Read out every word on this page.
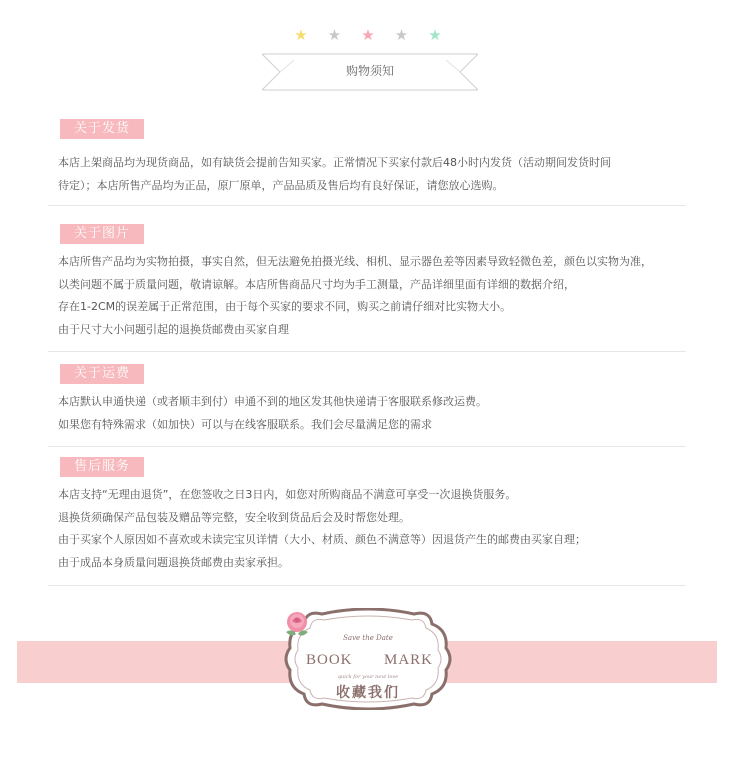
★ ★ ★ ★ ★
购物须知
关于发货
本店上架商品均为现货商品，如有缺货会提前告知买家。正常情况下买家付款后48小时内发货（活动期间发货时间
待定）；本店所售产品均为正品，原厂原单，产品品质及售后均有良好保证，请您放心选购。
关于图片
本店所售产品均为实物拍摄，事实自然，但无法避免拍摄光线、相机、显示器色差等因素导致轻微色差，颜色以实物为准，
以类问题不属于质量问题，敬请谅解。本店所售商品尺寸均为手工测量，产品详细里面有详细的数据介绍，
存在1-2CM的误差属于正常范围，由于每个买家的要求不同，购买之前请仔细对比实物大小。
由于尺寸大小问题引起的退换货邮费由买家自理
关于运费
本店默认申通快递（或者顺丰到付）申通不到的地区发其他快递请于客服联系修改运费。
如果您有特殊需求（如加快）可以与在线客服联系。我们会尽量满足您的需求
售后服务
本店支持“无理由退货”，在您签收之日3日内，如您对所购商品不满意可享受一次退换货服务。
退换货须确保产品包装及赠品等完整，安全收到货品后会及时帮您处理。
由于买家个人原因如不喜欢或未读完宝贝详情（大小、材质、颜色不满意等）因退货产生的邮费由买家自理；
由于成品本身质量问题退换货邮费由卖家承担。
Save the Date
BOOK MARK
quick for your next love
收藏我们
